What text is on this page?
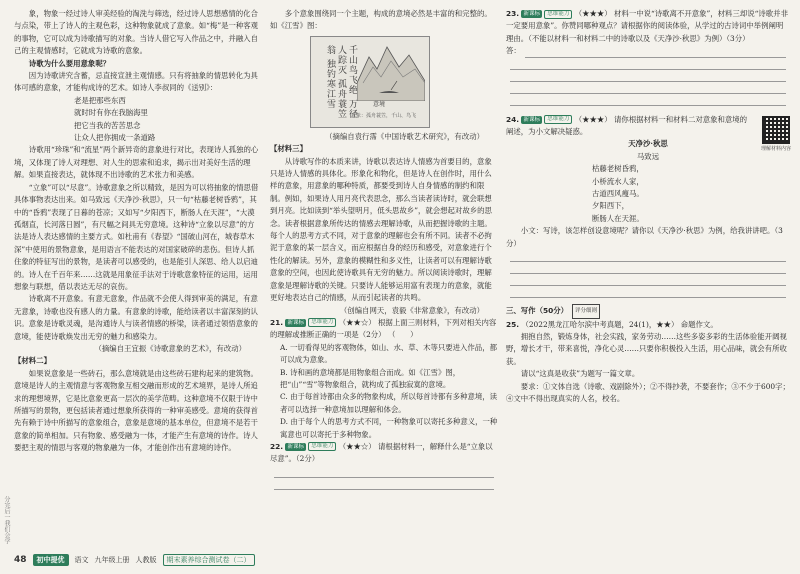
分完后一我们会学
象，物象一经过诗人审美经验的淘洗与筛选，经过诗人思想感情的化合与点染，带上了诗人的主观色彩，这种物象就成了意象。如“梅”是一种客观的事物，它可以成为诗歌描写的对象。当诗人借它写入作品之中，并融入自己的主观情感时，它就成为诗歌的意象。
诗歌为什么要用意象呢？
因为诗歌讲究含蓄，忌直接宣泄主观情感。只有将抽象的情思转化为具体可感的意象，才能构成诗的艺术。如诗人李叔同的《送别》：
老是把那些东西
就时时有你在我脑海里
把它当我的苦苦思念
让众人把你拥成一条道路
诗歌用“珍珠”和“流星”两个新异奇的意象进行对比，表现诗人孤独的心境，又体现了诗人对理想、对人生的思索和追求，揭示出对美好生活的理解。如果直接表达，就体现不出诗歌的艺术张力和美感。
“立象”可以“尽意”。诗歌意象之所以精致，是因为可以将抽象的情思借具体事物表达出来。如马致远《天净沙·秋思》，只一句“枯藤老树昏鸦”，其中的“昏鸦”表现了日暮的苍凉；又如写“夕阳西下，断肠人在天涯”，“大漠孤烟直，长河落日圆”，有尺幅之间具无穷意境。这种诗“立象以尽意”的方法是诗人表达感情的主要方式。如杜甫有《春望》“国破山河在，城春草木深”中使用的景物意象，是用语言不能表达的对国家破碎的悲伤。但诗人抓住象的特征写出的景物，是读者可以感受的，也是能引人深思、给人以启迪的。诗人在千百年来……这就是用象征手法对于诗歌意象特征的运用，运用想象与联想，借以表达无尽的哀伤。
诗歌离不开意象。有意无意象，作品就不会使人得到审美的满足，有意无意象，诗歌也没有感人的力量。有意象的诗歌，能给读者以丰富深刻的认识。意象是诗歌灵魂，是沟通诗人与读者情感的桥梁，读者通过领悟意象的意境，能使诗歌焕发出无穷的魅力和感染力。
（摘编自王宜振《诗歌意象的艺术》，有改动）
【材料二】
如果说意象是一些砖石，那么意境就是由这些砖石建构起来的建筑物。意境是诗人的主观情意与客观物象互相交融而形成的艺术境界，是诗人所追求的理想境界，它是比意象更高一层次的美学范畴。这种意境不仅限于诗中所描写的景物，更包括读者通过想象所获得的一种审美感受。意境的获得首先有赖于诗中所描写的意象组合，意象是意境的基本单位，但意境不是若干意象的简单相加。只有物象、感受融为一体，才能产生有意境的诗作。诗人要把主观的情思与客观的物象融为一体，才能创作出有意境的诗作。
多个意象围绕同一个主题，构成的意境必然是丰富的和完整的。如《江雪》图：
千山鸟飞绝 万径人踪灭 孤舟蓑笠翁 独钓寒江雪	意境
意象：孤舟蓑笠，千山、鸟飞
（摘编自袁行霈《中国诗歌艺术研究》，有改动）
【材料三】
从诗歌写作的本质来讲，诗歌以表达诗人情感为首要目的，意象只是诗人情感的具体化。形象化和物化，但是诗人在创作时，用什么样的意象，用意象的哪种特质，都要受到诗人自身情感的制约和限制。例如，如果诗人用月亮代表思念，那么当读者读诗时，就会联想到月亮。比如读到“举头望明月，低头思故乡”，就会想起对故乡的思念。读者根据意象所传达的情感去理解诗歌，从而把握诗歌的主题。每个人的思考方式不同，对于意象的理解也会有所不同。读者不必拘泥于意象的某一层含义，而应根据自身的经历和感受，对意象进行个性化的解读。另外，意象的模糊性和多义性，让读者可以有理解诗歌意象的空间，也因此使诗歌具有无穷的魅力。所以阅读诗歌时，理解意象是理解诗歌的关键。只要诗人能够运用富有表现力的意象，就能更好地表达自己的情感，从而引起读者的共鸣。
（创编自网天，袁毅《非常意象》，有改动）
21. 新课标 思维能力 （★★☆） 根据上面三则材料，下列对相关内容的理解或推断正确的一项是（2分） （　　）
A. 一切看得见的客观物体，如山、水、草、木等只要进入作品，都可以成为意象。
B. 诗和画的意境都是用物象组合而成。如《江雪》图，把“山”“雪”等物象组合，就构成了孤独寂寞的意境。
C. 由于每首诗都由众多的物象构成，所以每首诗都有多种意境，读者可以选择一种意境加以理解和体会。
D. 由于每个人的思考方式不同，一种物象可以寄托多种意义，一种寓意也可以寄托于多种物象。
22. 新课标 思维能力 （★★☆） 请根据材料一，解释什么是“立象以尽意”。（2分）
23. 新课标 思维能力 （★★★） 材料一中说“诗歌离不开意象”，材料三却说“诗歌并非一定要用意象”。你赞同哪种观点？请根据你的阅读体验，从学过的古诗词中举例阐明理由。（不能以材料一和材料二中的诗歌以及《天净沙·秋思》为例）（3分）
答：
24. 新课标 思维能力 （★★★） 请你根据材料一和材料二对意象和意境的阐述，为小文解决疑惑。
理解材料内容
天净沙·秋思
马致远
枯藤老树昏鸦，
小桥流水人家，
古道西风瘦马。
夕阳西下，
断肠人在天涯。
小文：写诗，该怎样创设意境呢？请你以《天净沙·秋思》为例，给我讲讲吧。（3分）
三、写作（50分）	评分细则
25. （2022黑龙江哈尔滨中考真题，24(1)，★★） 命题作文。
拥抱自然，锻炼身体，社会实践，家务劳动……这些多姿多彩的生活体验能开阔视野，增长才干，带来喜悦，净化心灵……只要你积极投入生活，用心品味，就会有所收获。
请以“这真是收获”为题写一篇文章。
要求：①文体自选（诗歌、戏剧除外）；②不得抄袭，不要套作；③不少于600字；④文中不得出现真实的人名，校名。
48	初中提优	语文 九年级上册 人教版	期末素养综合测试卷（二）
